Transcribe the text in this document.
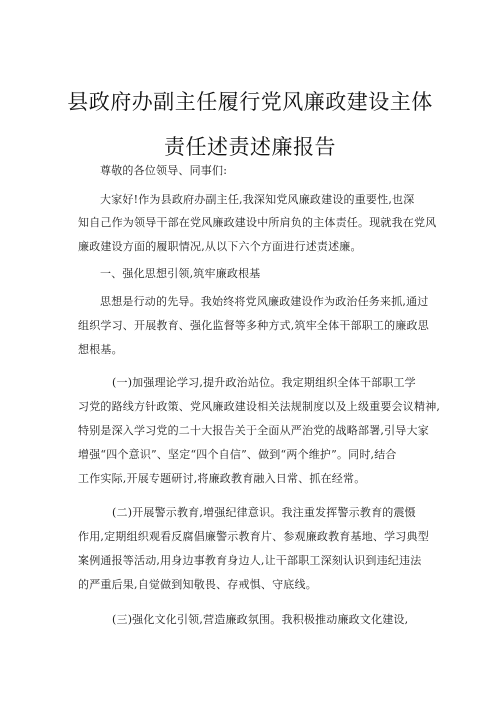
县政府办副主任履行党风廉政建设主体
责任述责述廉报告
尊敬的各位领导、同事们:
大家好!作为县政府办副主任,我深知党风廉政建设的重要性,也深
知自己作为领导干部在党风廉政建设中所肩负的主体责任。现就我在党风
廉政建设方面的履职情况,从以下六个方面进行述责述廉。
一、强化思想引领,筑牢廉政根基
思想是行动的先导。我始终将党风廉政建设作为政治任务来抓,通过
组织学习、开展教育、强化监督等多种方式,筑牢全体干部职工的廉政思
想根基。
(一)加强理论学习,提升政治站位。我定期组织全体干部职工学
习党的路线方针政策、党风廉政建设相关法规制度以及上级重要会议精神,
特别是深入学习党的二十大报告关于全面从严治党的战略部署,引导大家
增强“四个意识”、坚定“四个自信”、做到“两个维护”。同时,结合
工作实际,开展专题研讨,将廉政教育融入日常、抓在经常。
(二)开展警示教育,增强纪律意识。我注重发挥警示教育的震慑
作用,定期组织观看反腐倡廉警示教育片、参观廉政教育基地、学习典型
案例通报等活动,用身边事教育身边人,让干部职工深刻认识到违纪违法
的严重后果,自觉做到知敬畏、存戒惧、守底线。
(三)强化文化引领,营造廉政氛围。我积极推动廉政文化建设,
